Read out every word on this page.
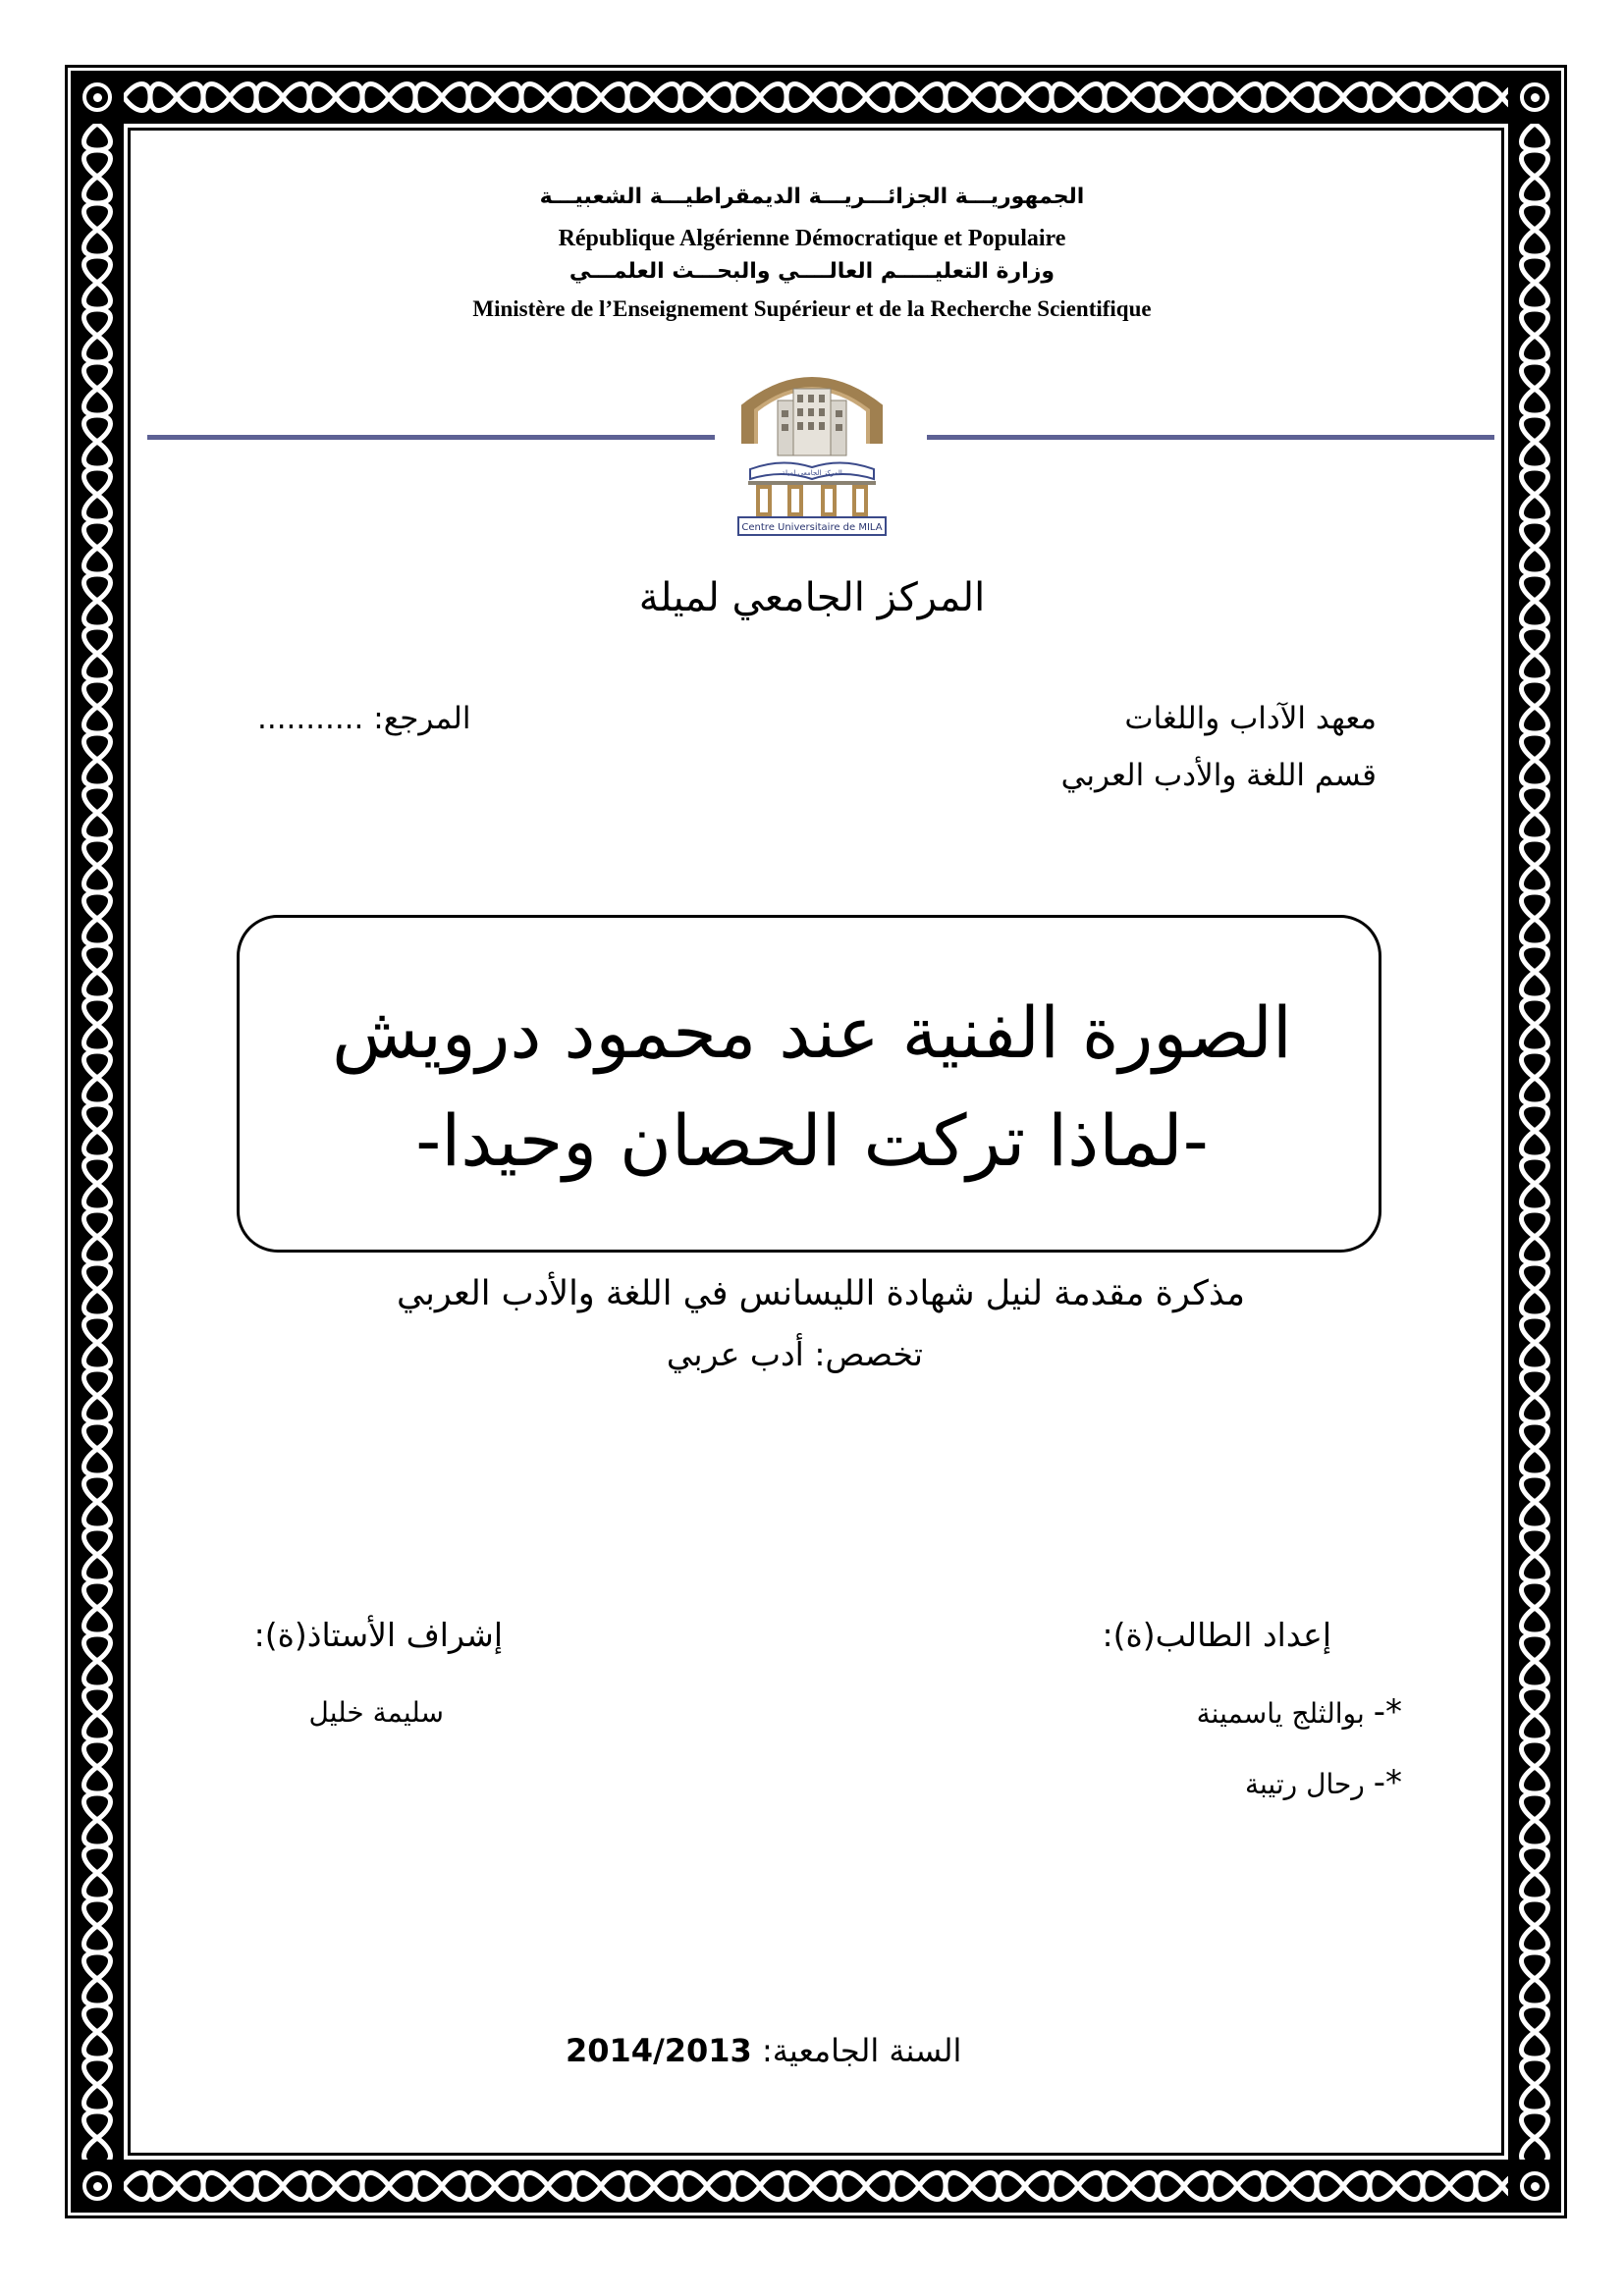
الجمهوريـــة الجزائـــريـــة الديمقراطيـــة الشعبيـــة
République Algérienne Démocratique et Populaire
وزارة التعليـــــم العالــــي والبحـــث العلمـــي
Ministère de l’Enseignement Supérieur et de la Recherche Scientifique
المركز الجامعي لميلة
Centre Universitaire de MILA
المركز الجامعي لميلة
معهد الآداب واللغات
قسم اللغة والأدب العربي
المرجع: ...........
الصورة الفنية عند محمود درويش
-لماذا تركت الحصان وحيدا-
مذكرة مقدمة لنيل شهادة الليسانس في اللغة والأدب العربي
تخصص: أدب عربي
إعداد الطالب(ة):
*- بوالثلج ياسمينة
*- رحال رتيبة
إشراف الأستاذ(ة):
سليمة خليل
السنة الجامعية: 2014/2013
